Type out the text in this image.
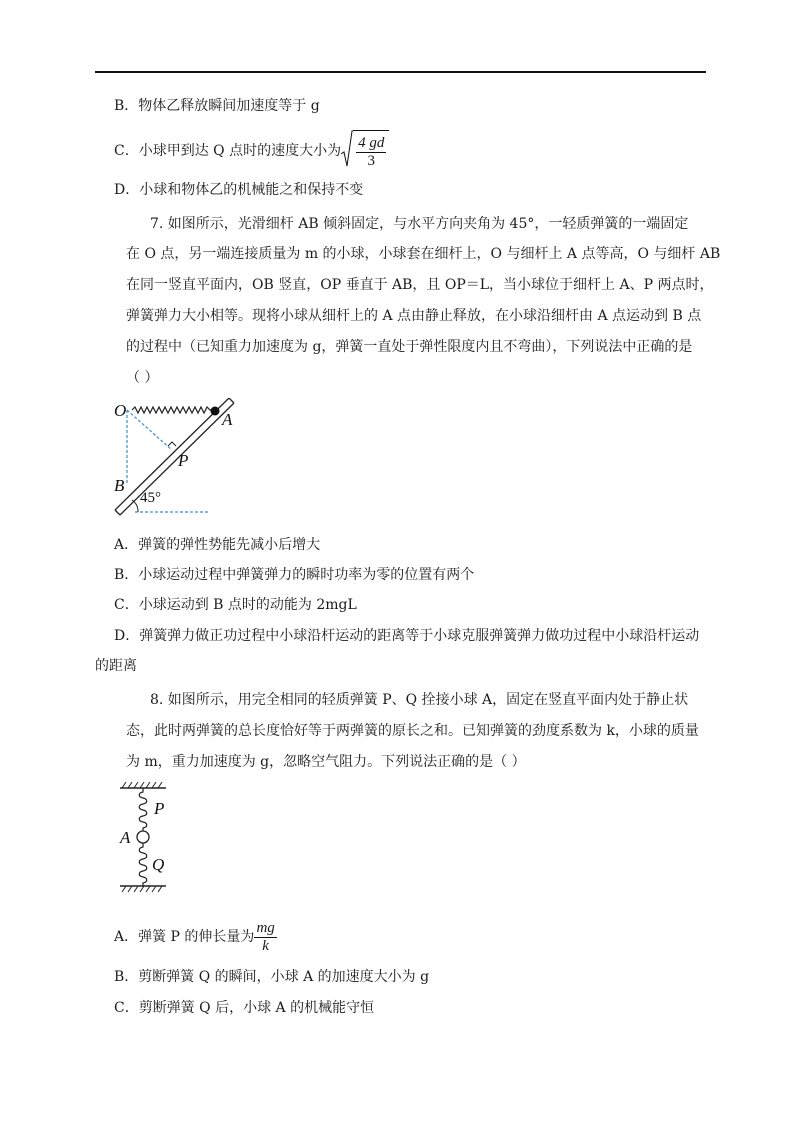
B．物体乙释放瞬间加速度等于 g
C．小球甲到达 Q 点时的速度大小为 $\frac{4 gd}{3}$
D．小球和物体乙的机械能之和保持不变
7. 如图所示，光滑细杆 AB 倾斜固定，与水平方向夹角为 45°，一轻质弹簧的一端固定
在 O 点，另一端连接质量为 m 的小球，小球套在细杆上，O 与细杆上 A 点等高，O 与细杆 AB
在同一竖直平面内，OB 竖直，OP 垂直于 AB，且 OP＝L，当小球位于细杆上 A、P 两点时，
弹簧弹力大小相等。现将小球从细杆上的 A 点由静止释放，在小球沿细杆由 A 点运动到 B 点
的过程中（已知重力加速度为 g，弹簧一直处于弹性限度内且不弯曲），下列说法中正确的是
（ ）
O	A
P
B
45°
A．弹簧的弹性势能先减小后增大
B．小球运动过程中弹簧弹力的瞬时功率为零的位置有两个
C．小球运动到 B 点时的动能为 2mgL
D．弹簧弹力做正功过程中小球沿杆运动的距离等于小球克服弹簧弹力做功过程中小球沿杆运动
的距离
8. 如图所示，用完全相同的轻质弹簧 P、Q 拴接小球 A，固定在竖直平面内处于静止状
态，此时两弹簧的总长度恰好等于两弹簧的原长之和。已知弹簧的劲度系数为 k，小球的质量
为 m，重力加速度为 g，忽略空气阻力。下列说法正确的是（ ）
P
A
Q
A．弹簧 P 的伸长量为 $\frac{mg}{k}$
B．剪断弹簧 Q 的瞬间，小球 A 的加速度大小为 g
C．剪断弹簧 Q 后，小球 A 的机械能守恒
